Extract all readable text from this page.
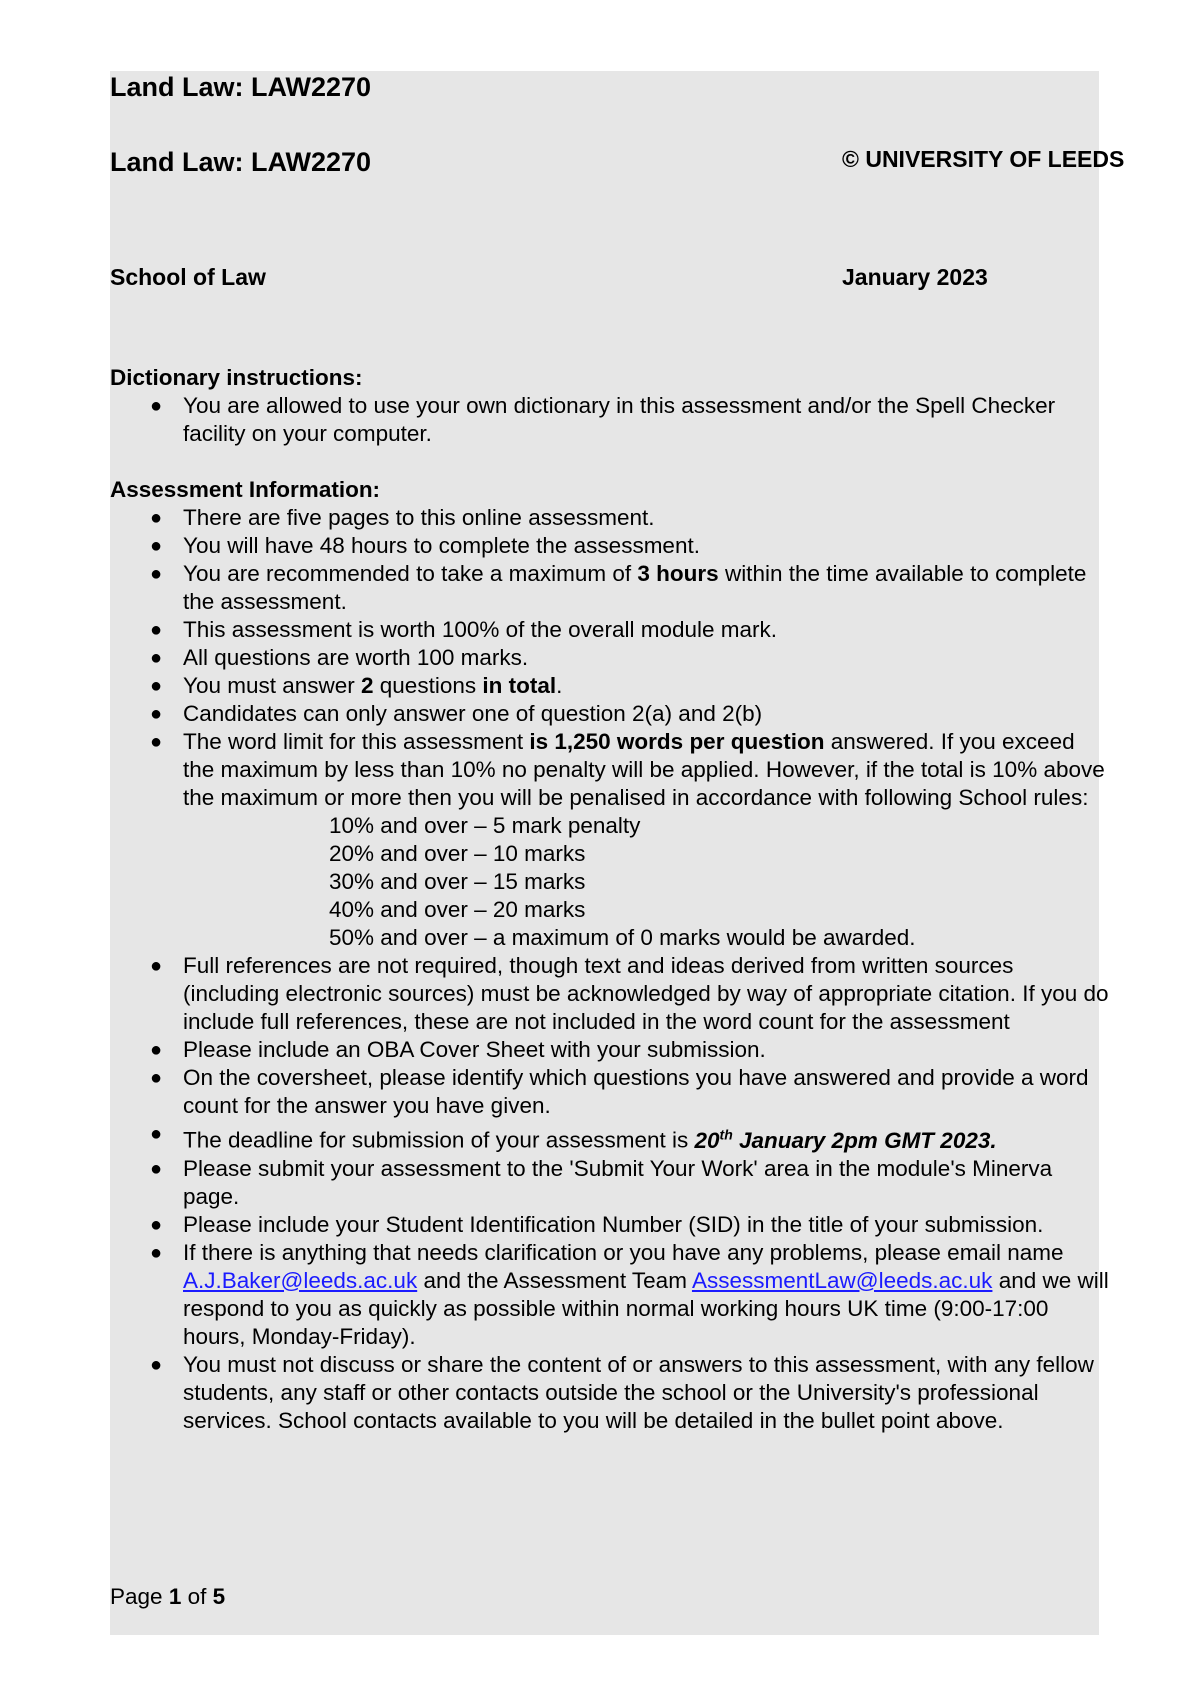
Land Law: LAW2270
Land Law: LAW2270	© UNIVERSITY OF LEEDS
School of Law	January 2023
Dictionary instructions:
● You are allowed to use your own dictionary in this assessment and/or the Spell Checker facility on your computer.
Assessment Information:
● There are five pages to this online assessment.
● You will have 48 hours to complete the assessment.
● You are recommended to take a maximum of 3 hours within the time available to complete the assessment.
● This assessment is worth 100% of the overall module mark.
● All questions are worth 100 marks.
● You must answer 2 questions in total.
● Candidates can only answer one of question 2(a) and 2(b)
● The word limit for this assessment is 1,250 words per question answered. If you exceed the maximum by less than 10% no penalty will be applied. However, if the total is 10% above the maximum or more then you will be penalised in accordance with following School rules:
10% and over – 5 mark penalty
20% and over – 10 marks
30% and over – 15 marks
40% and over – 20 marks
50% and over – a maximum of 0 marks would be awarded.
● Full references are not required, though text and ideas derived from written sources (including electronic sources) must be acknowledged by way of appropriate citation. If you do include full references, these are not included in the word count for the assessment
● Please include an OBA Cover Sheet with your submission.
● On the coversheet, please identify which questions you have answered and provide a word count for the answer you have given.
● The deadline for submission of your assessment is 20th January 2pm GMT 2023.
● Please submit your assessment to the 'Submit Your Work' area in the module's Minerva page.
● Please include your Student Identification Number (SID) in the title of your submission.
● If there is anything that needs clarification or you have any problems, please email name A.J.Baker@leeds.ac.uk and the Assessment Team AssessmentLaw@leeds.ac.uk and we will respond to you as quickly as possible within normal working hours UK time (9:00-17:00 hours, Monday-Friday).
● You must not discuss or share the content of or answers to this assessment, with any fellow students, any staff or other contacts outside the school or the University's professional services. School contacts available to you will be detailed in the bullet point above.
Page 1 of 5
